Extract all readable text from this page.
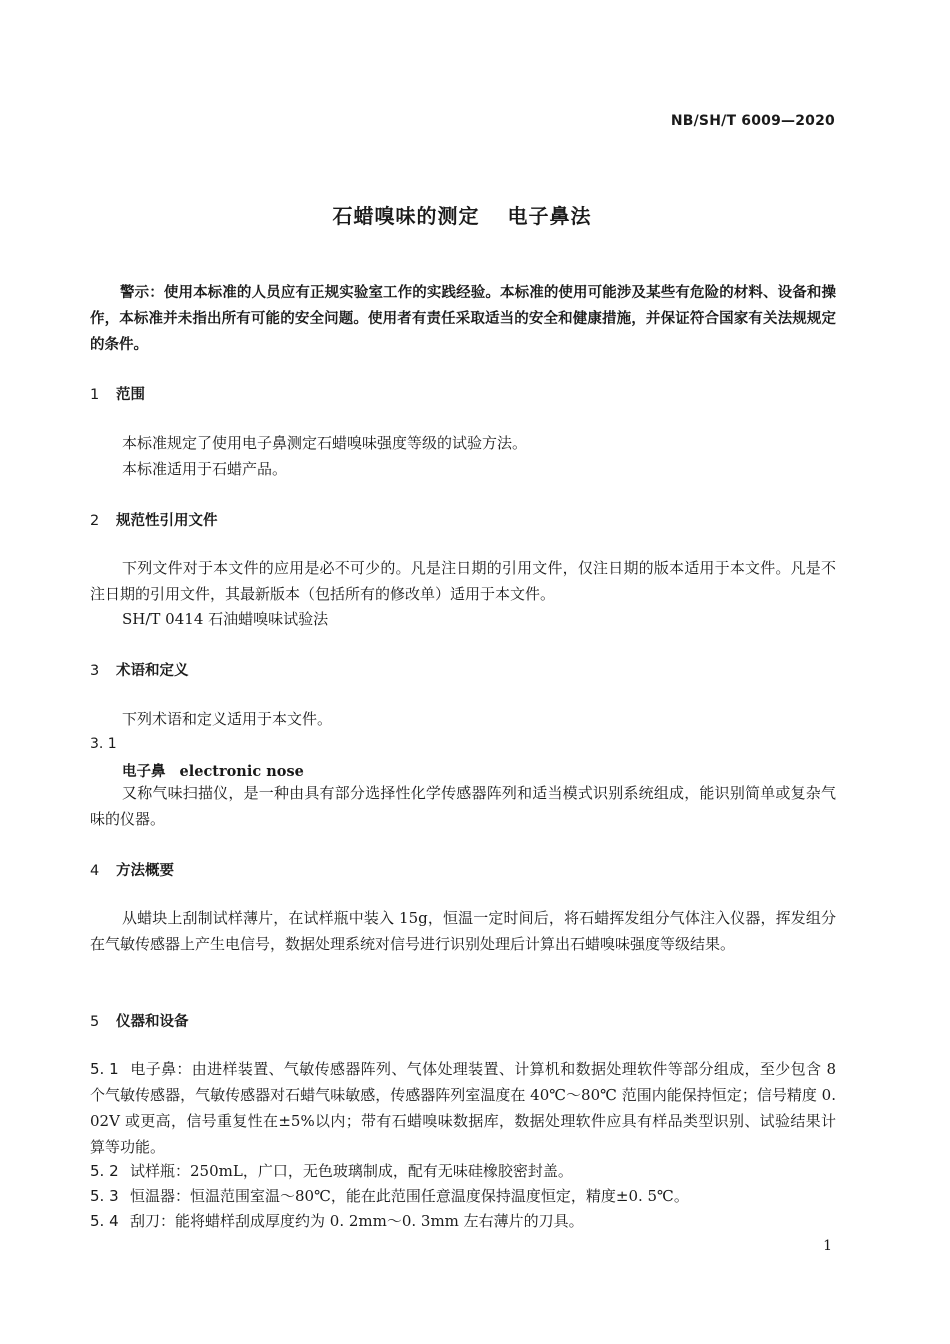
NB/SH/T 6009—2020
石蜡嗅味的测定 电子鼻法
警示：使用本标准的人员应有正规实验室工作的实践经验。本标准的使用可能涉及某些有危险的材料、设备和操作，本标准并未指出所有可能的安全问题。使用者有责任采取适当的安全和健康措施，并保证符合国家有关法规规定的条件。
1 范围
本标准规定了使用电子鼻测定石蜡嗅味强度等级的试验方法。
本标准适用于石蜡产品。
2 规范性引用文件
下列文件对于本文件的应用是必不可少的。凡是注日期的引用文件，仅注日期的版本适用于本文件。凡是不注日期的引用文件，其最新版本（包括所有的修改单）适用于本文件。
SH/T 0414 石油蜡嗅味试验法
3 术语和定义
下列术语和定义适用于本文件。
3. 1
电子鼻 electronic nose
又称气味扫描仪，是一种由具有部分选择性化学传感器阵列和适当模式识别系统组成，能识别简单或复杂气味的仪器。
4 方法概要
从蜡块上刮制试样薄片，在试样瓶中装入 15g，恒温一定时间后，将石蜡挥发组分气体注入仪器，挥发组分在气敏传感器上产生电信号，数据处理系统对信号进行识别处理后计算出石蜡嗅味强度等级结果。
5 仪器和设备
5. 1 电子鼻：由进样装置、气敏传感器阵列、气体处理装置、计算机和数据处理软件等部分组成，至少包含 8 个气敏传感器，气敏传感器对石蜡气味敏感，传感器阵列室温度在 40℃～80℃ 范围内能保持恒定；信号精度 0. 02V 或更高，信号重复性在±5%以内；带有石蜡嗅味数据库，数据处理软件应具有样品类型识别、试验结果计算等功能。
5. 2 试样瓶：250mL，广口，无色玻璃制成，配有无味硅橡胶密封盖。
5. 3 恒温器：恒温范围室温～80℃，能在此范围任意温度保持温度恒定，精度±0. 5℃。
5. 4 刮刀：能将蜡样刮成厚度约为 0. 2mm～0. 3mm 左右薄片的刀具。
1
